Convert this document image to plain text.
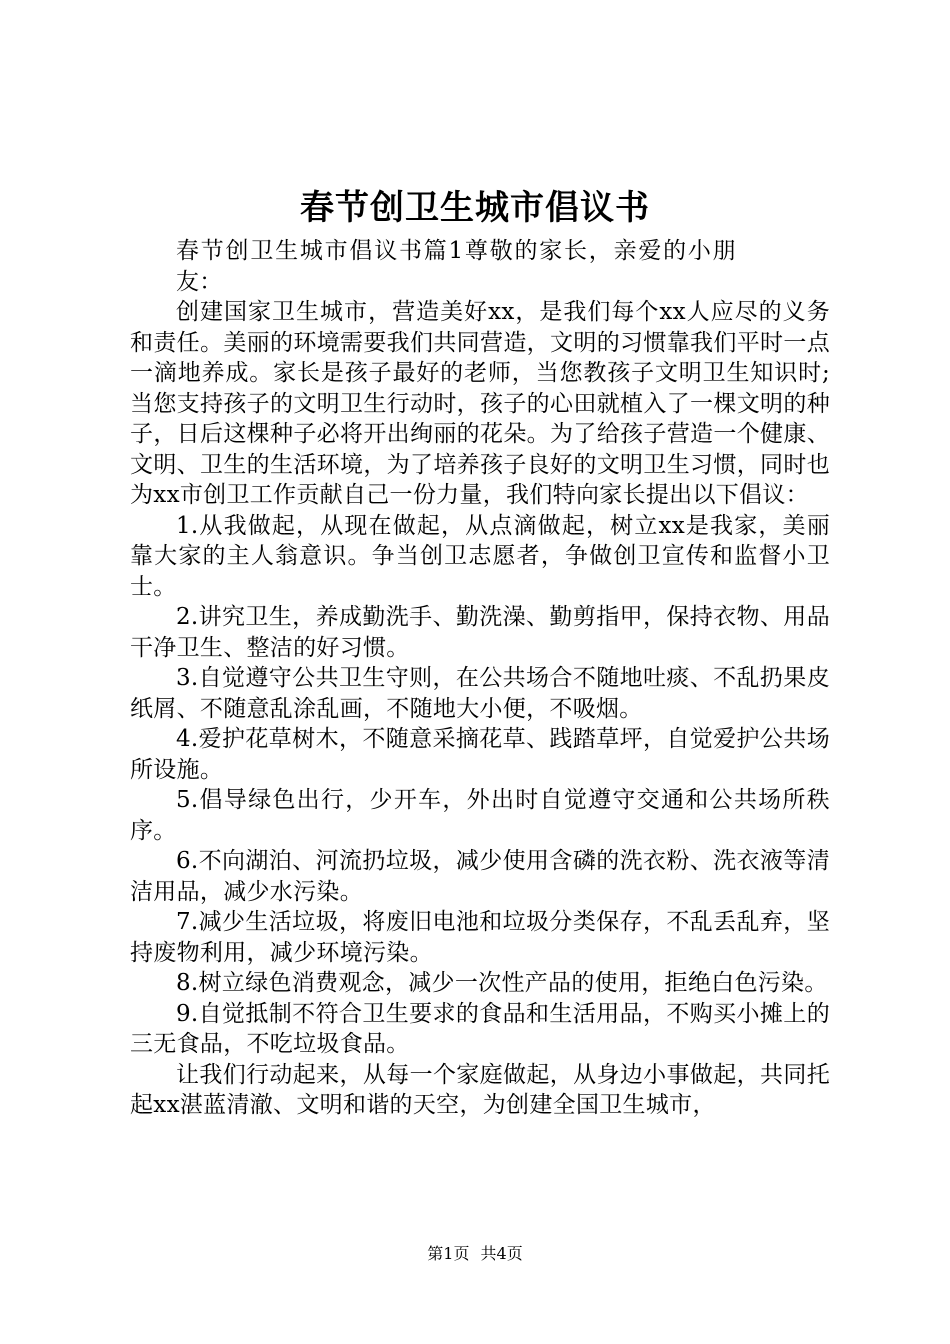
春节创卫生城市倡议书

春节创卫生城市倡议书篇1尊敬的家长，亲爱的小朋友：

创建国家卫生城市，营造美好xx，是我们每个xx人应尽的义务和责任。美丽的环境需要我们共同营造，文明的习惯靠我们平时一点一滴地养成。家长是孩子最好的老师，当您教孩子文明卫生知识时;当您支持孩子的文明卫生行动时，孩子的心田就植入了一棵文明的种子，日后这棵种子必将开出绚丽的花朵。为了给孩子营造一个健康、文明、卫生的生活环境，为了培养孩子良好的文明卫生习惯，同时也为xx市创卫工作贡献自己一份力量，我们特向家长提出以下倡议：

1.从我做起，从现在做起，从点滴做起，树立xx是我家，美丽靠大家的主人翁意识。争当创卫志愿者，争做创卫宣传和监督小卫士。

2.讲究卫生，养成勤洗手、勤洗澡、勤剪指甲，保持衣物、用品干净卫生、整洁的好习惯。

3.自觉遵守公共卫生守则，在公共场合不随地吐痰、不乱扔果皮纸屑、不随意乱涂乱画，不随地大小便，不吸烟。

4.爱护花草树木，不随意采摘花草、践踏草坪，自觉爱护公共场所设施。

5.倡导绿色出行，少开车，外出时自觉遵守交通和公共场所秩序。

6.不向湖泊、河流扔垃圾，减少使用含磷的洗衣粉、洗衣液等清洁用品，减少水污染。

7.减少生活垃圾，将废旧电池和垃圾分类保存，不乱丢乱弃，坚持废物利用，减少环境污染。

8.树立绿色消费观念，减少一次性产品的使用，拒绝白色污染。

9.自觉抵制不符合卫生要求的食品和生活用品，不购买小摊上的三无食品，不吃垃圾食品。

让我们行动起来，从每一个家庭做起，从身边小事做起，共同托起xx湛蓝清澈、文明和谐的天空，为创建全国卫生城市，

第1页 共4页
